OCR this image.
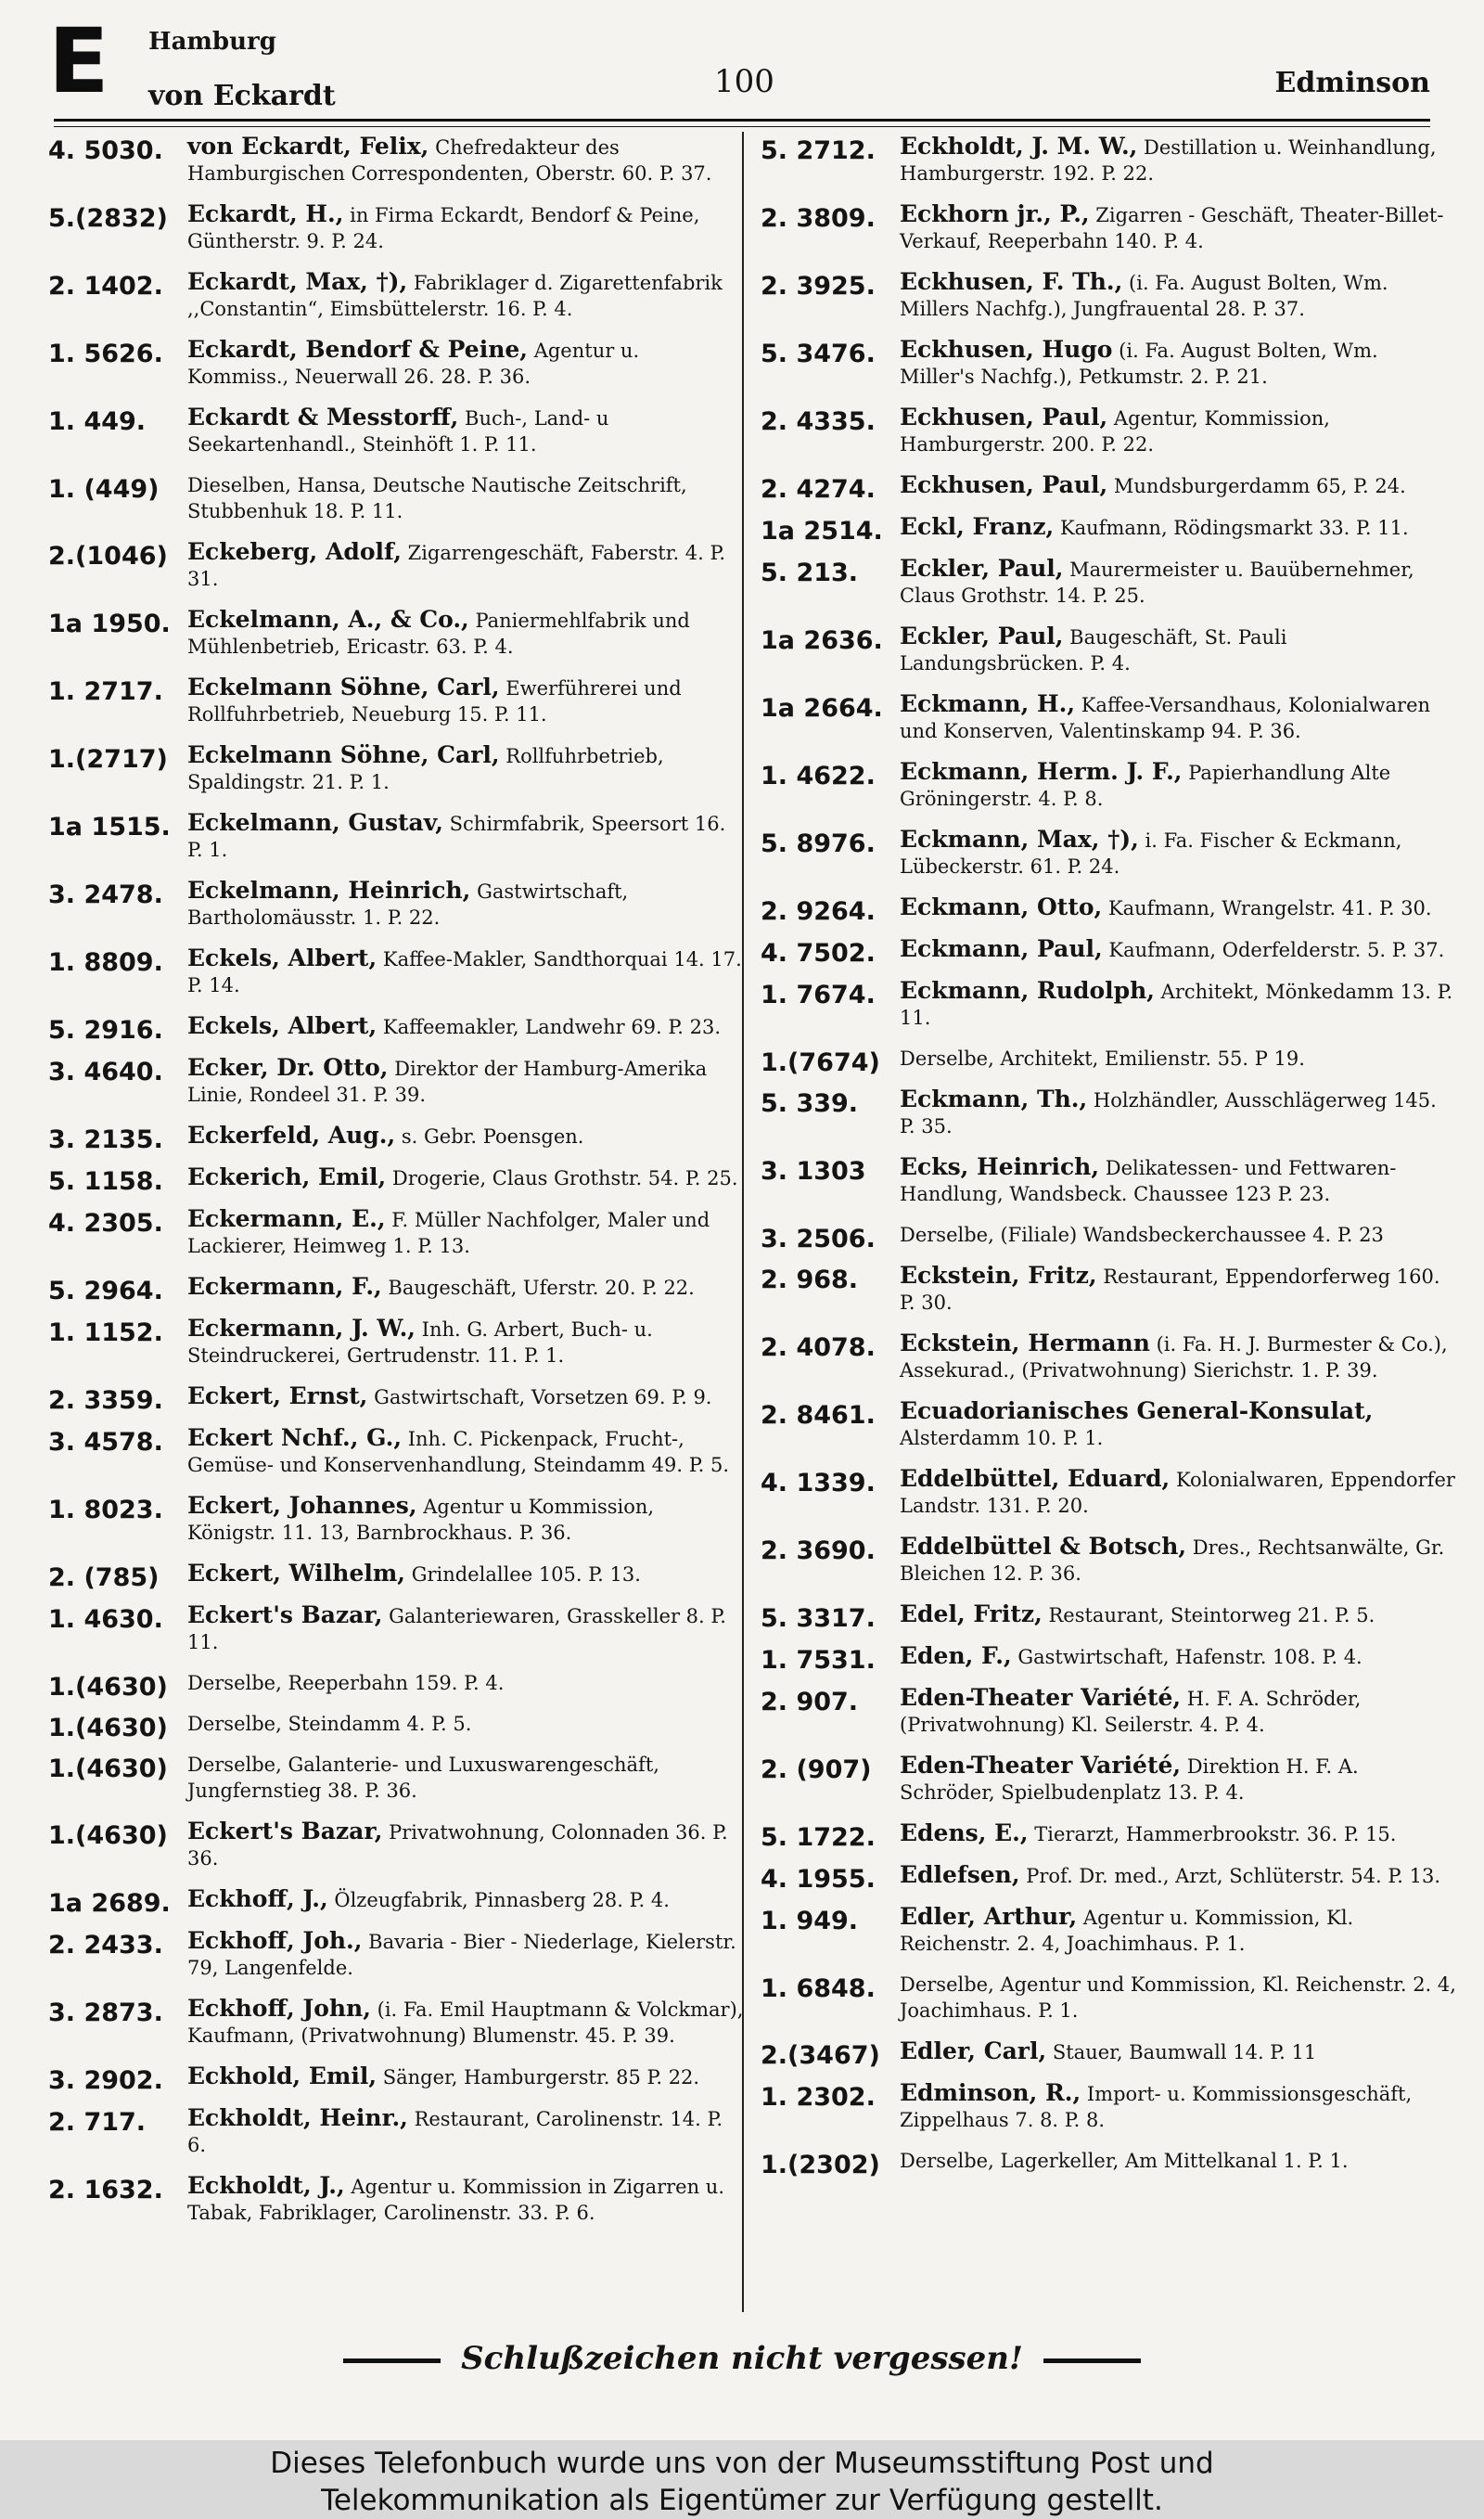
E Hamburg
von Eckardt	100	Edminson
4. 5030.	von Eckardt, Felix, Chefredakteur des Hamburgischen Correspondenten, Oberstr. 60. P. 37.
5.(2832) Eckardt, H., in Firma Eckardt, Bendorf & Peine, Güntherstr. 9. P. 24.
2. 1402.	Eckardt, Max, †), Fabriklager d. Zigarettenfabrik ,,Constantin“, Eimsbüttelerstr. 16. P. 4.
1. 5626.	Eckardt, Bendorf & Peine, Agentur u. Kommiss., Neuerwall 26. 28. P. 36.
1. 449.	Eckardt & Messtorff, Buch-, Land- u Seekartenhandl., Steinhöft 1. P. 11.
1. (449)	Dieselben, Hansa, Deutsche Nautische Zeitschrift, Stubbenhuk 18. P. 11.
2.(1046) Eckeberg, Adolf, Zigarrengeschäft, Faberstr. 4. P. 31.
1a 1950. Eckelmann, A., & Co., Paniermehlfabrik und Mühlenbetrieb, Ericastr. 63. P. 4.
1. 2717.	Eckelmann Söhne, Carl, Ewerführerei und Rollfuhrbetrieb, Neueburg 15. P. 11.
1.(2717) Eckelmann Söhne, Carl, Rollfuhrbetrieb, Spaldingstr. 21. P. 1.
1a 1515. Eckelmann, Gustav, Schirmfabrik, Speersort 16. P. 1.
3. 2478.	Eckelmann, Heinrich, Gastwirtschaft, Bartholomäusstr. 1. P. 22.
1. 8809.	Eckels, Albert, Kaffee-Makler, Sandthorquai 14. 17. P. 14.
5. 2916.	Eckels, Albert, Kaffeemakler, Landwehr 69. P. 23.
3. 4640.	Ecker, Dr. Otto, Direktor der Hamburg-Amerika Linie, Rondeel 31. P. 39.
3. 2135.	Eckerfeld, Aug., s. Gebr. Poensgen.
5. 1158.	Eckerich, Emil, Drogerie, Claus Grothstr. 54. P. 25.
4. 2305.	Eckermann, E., F. Müller Nachfolger, Maler und Lackierer, Heimweg 1. P. 13.
5. 2964.	Eckermann, F., Baugeschäft, Uferstr. 20. P. 22.
1. 1152.	Eckermann, J. W., Inh. G. Arbert, Buch- u. Steindruckerei, Gertrudenstr. 11. P. 1.
2. 3359.	Eckert, Ernst, Gastwirtschaft, Vorsetzen 69. P. 9.
3. 4578.	Eckert Nchf., G., Inh. C. Pickenpack, Frucht-, Gemüse- und Konservenhandlung, Steindamm 49. P. 5.
1. 8023.	Eckert, Johannes, Agentur u Kommission, Königstr. 11. 13, Barnbrockhaus. P. 36.
2. (785)	Eckert, Wilhelm, Grindelallee 105. P. 13.
1. 4630.	Eckert's Bazar, Galanteriewaren, Grasskeller 8. P. 11.
1.(4630)	Derselbe, Reeperbahn 159. P. 4.
1.(4630)	Derselbe, Steindamm 4. P. 5.
1.(4630)	Derselbe, Galanterie- und Luxuswarengeschäft, Jungfernstieg 38. P. 36.
1.(4630) Eckert's Bazar, Privatwohnung, Colonnaden 36. P. 36.
1a 2689. Eckhoff, J., Ölzeugfabrik, Pinnasberg 28. P. 4.
2. 2433.	Eckhoff, Joh., Bavaria - Bier - Niederlage, Kielerstr. 79, Langenfelde.
3. 2873.	Eckhoff, John, (i. Fa. Emil Hauptmann & Volckmar), Kaufmann, (Privatwohnung) Blumenstr. 45. P. 39.
3. 2902.	Eckhold, Emil, Sänger, Hamburgerstr. 85 P. 22.
2. 717.	Eckholdt, Heinr., Restaurant, Carolinenstr. 14. P. 6.
2. 1632.	Eckholdt, J., Agentur u. Kommission in Zigarren u. Tabak, Fabriklager, Carolinenstr. 33. P. 6.
5. 2712.	Eckholdt, J. M. W., Destillation u. Weinhandlung, Hamburgerstr. 192. P. 22.
2. 3809.	Eckhorn jr., P., Zigarren - Geschäft, Theater-Billet-Verkauf, Reeperbahn 140. P. 4.
2. 3925.	Eckhusen, F. Th., (i. Fa. August Bolten, Wm. Millers Nachfg.), Jungfrauental 28. P. 37.
5. 3476.	Eckhusen, Hugo (i. Fa. August Bolten, Wm. Miller's Nachfg.), Petkumstr. 2. P. 21.
2. 4335.	Eckhusen, Paul, Agentur, Kommission, Hamburgerstr. 200. P. 22.
2. 4274.	Eckhusen, Paul, Mundsburgerdamm 65, P. 24.
1a 2514. Eckl, Franz, Kaufmann, Rödingsmarkt 33. P. 11.
5. 213.	Eckler, Paul, Maurermeister u. Bauübernehmer, Claus Grothstr. 14. P. 25.
1a 2636. Eckler, Paul, Baugeschäft, St. Pauli Landungsbrücken. P. 4.
1a 2664. Eckmann, H., Kaffee-Versandhaus, Kolonialwaren und Konserven, Valentinskamp 94. P. 36.
1. 4622.	Eckmann, Herm. J. F., Papierhandlung Alte Gröningerstr. 4. P. 8.
5. 8976.	Eckmann, Max, †), i. Fa. Fischer & Eckmann, Lübeckerstr. 61. P. 24.
2. 9264.	Eckmann, Otto, Kaufmann, Wrangelstr. 41. P. 30.
4. 7502.	Eckmann, Paul, Kaufmann, Oderfelderstr. 5. P. 37.
1. 7674.	Eckmann, Rudolph, Architekt, Mönkedamm 13. P. 11.
1.(7674)	Derselbe, Architekt, Emilienstr. 55. P 19.
5. 339.	Eckmann, Th., Holzhändler, Ausschlägerweg 145. P. 35.
3. 1303	Ecks, Heinrich, Delikatessen- und Fettwaren-Handlung, Wandsbeck. Chaussee 123 P. 23.
3. 2506.	Derselbe, (Filiale) Wandsbeckerchaussee 4. P. 23
2. 968.	Eckstein, Fritz, Restaurant, Eppendorferweg 160. P. 30.
2. 4078.	Eckstein, Hermann (i. Fa. H. J. Burmester & Co.), Assekurad., (Privatwohnung) Sierichstr. 1. P. 39.
2. 8461.	Ecuadorianisches General-Konsulat, Alsterdamm 10. P. 1.
4. 1339.	Eddelbüttel, Eduard, Kolonialwaren, Eppendorfer Landstr. 131. P. 20.
2. 3690.	Eddelbüttel & Botsch, Dres., Rechtsanwälte, Gr. Bleichen 12. P. 36.
5. 3317.	Edel, Fritz, Restaurant, Steintorweg 21. P. 5.
1. 7531.	Eden, F., Gastwirtschaft, Hafenstr. 108. P. 4.
2. 907.	Eden-Theater Variété, H. F. A. Schröder, (Privatwohnung) Kl. Seilerstr. 4. P. 4.
2. (907)	Eden-Theater Variété, Direktion H. F. A. Schröder, Spielbudenplatz 13. P. 4.
5. 1722.	Edens, E., Tierarzt, Hammerbrookstr. 36. P. 15.
4. 1955.	Edlefsen, Prof. Dr. med., Arzt, Schlüterstr. 54. P. 13.
1. 949.	Edler, Arthur, Agentur u. Kommission, Kl. Reichenstr. 2. 4, Joachimhaus. P. 1.
1. 6848.	Derselbe, Agentur und Kommission, Kl. Reichenstr. 2. 4, Joachimhaus. P. 1.
2.(3467) Edler, Carl, Stauer, Baumwall 14. P. 11
1. 2302.	Edminson, R., Import- u. Kommissionsgeschäft, Zippelhaus 7. 8. P. 8.
1.(2302)	Derselbe, Lagerkeller, Am Mittelkanal 1. P. 1.
Schlußzeichen nicht vergessen!
Dieses Telefonbuch wurde uns von der Museumsstiftung Post und
Telekommunikation als Eigentümer zur Verfügung gestellt.
